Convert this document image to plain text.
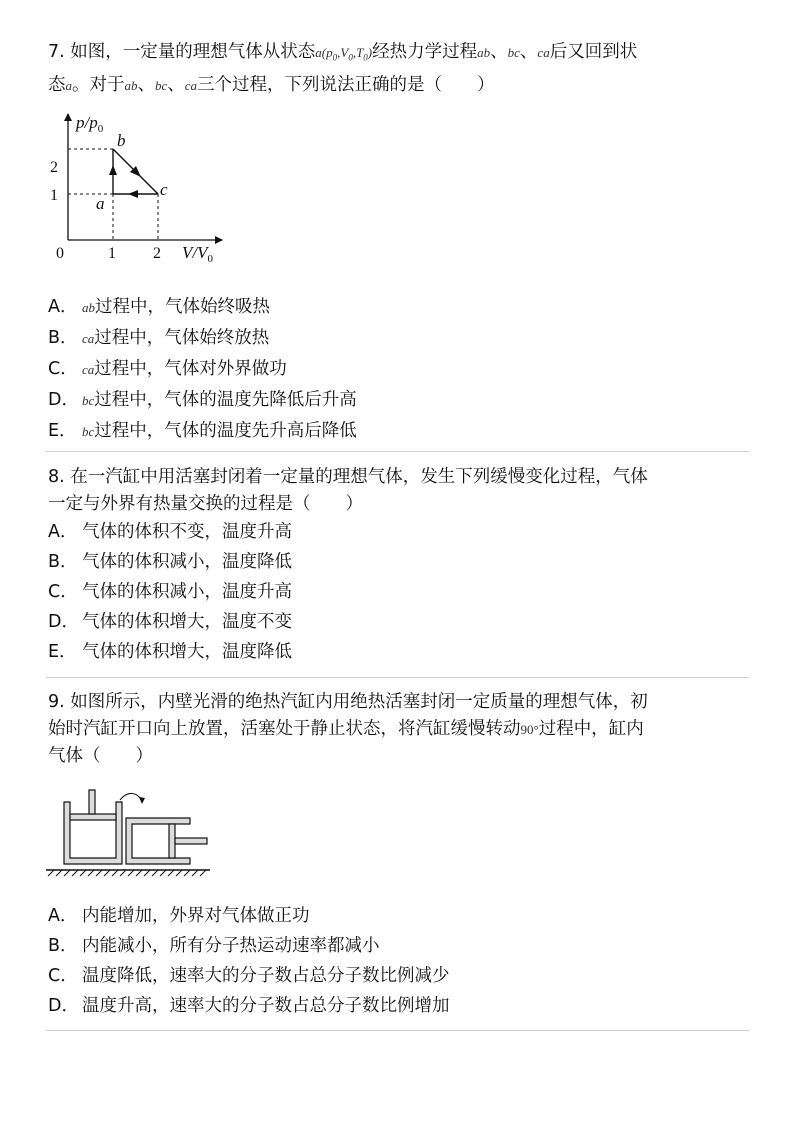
7. 如图，一定量的理想气体从状态$a(p_0,V_0,T_0)$经热力学过程ab、bc、ca后又回到状
态a。对于ab、bc、ca三个过程，下列说法正确的是（　　）

$p/p_0$
$V/V_0$
2
1
0	1 2
a
b
c

A． ab过程中，气体始终吸热

B． ca过程中，气体始终放热

C． ca过程中，气体对外界做功

D． bc过程中，气体的温度先降低后升高

E． bc过程中，气体的温度先升高后降低

8. 在一汽缸中用活塞封闭着一定量的理想气体，发生下列缓慢变化过程，气体
一定与外界有热量交换的过程是（　　）

A． 气体的体积不变，温度升高

B． 气体的体积减小，温度降低

C． 气体的体积减小，温度升高

D． 气体的体积增大，温度不变

E． 气体的体积增大，温度降低

9. 如图所示，内壁光滑的绝热汽缸内用绝热活塞封闭一定质量的理想气体，初
始时汽缸开口向上放置，活塞处于静止状态，将汽缸缓慢转动90°过程中，缸内
气体（　　）

A． 内能增加，外界对气体做正功

B． 内能减小，所有分子热运动速率都减小

C． 温度降低，速率大的分子数占总分子数比例减少

D． 温度升高，速率大的分子数占总分子数比例增加
